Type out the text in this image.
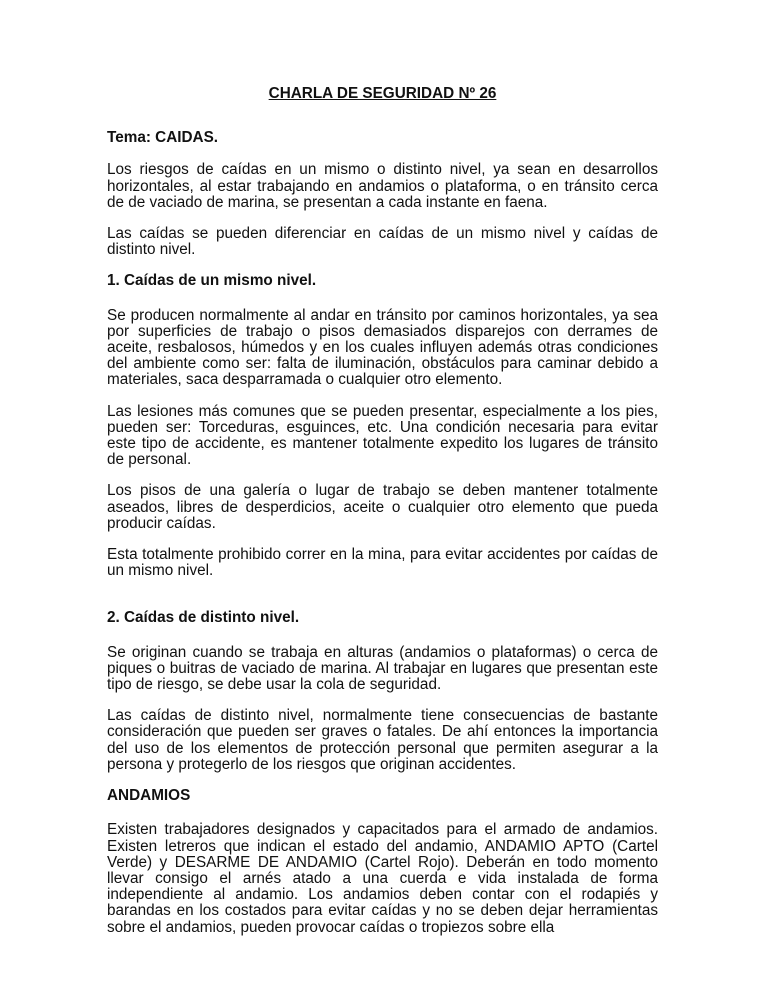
CHARLA DE SEGURIDAD Nº 26
Tema: CAIDAS.

Los riesgos de caídas en un mismo o distinto nivel, ya sean en desarrollos horizontales, al estar trabajando en andamios o plataforma, o en tránsito cerca de de vaciado de marina, se presentan a cada instante en faena.

Las caídas se pueden diferenciar en caídas de un mismo nivel y caídas de distinto nivel.

1. Caídas de un mismo nivel.

Se producen normalmente al andar en tránsito por caminos horizontales, ya sea por superficies de trabajo o pisos demasiados disparejos con derrames de aceite, resbalosos, húmedos y en los cuales influyen además otras condiciones del ambiente como ser: falta de iluminación, obstáculos para caminar debido a materiales, saca desparramada o cualquier otro elemento.

Las lesiones más comunes que se pueden presentar, especialmente a los pies, pueden ser: Torceduras, esguinces, etc. Una condición necesaria para evitar este tipo de accidente, es mantener totalmente expedito los lugares de tránsito de personal.

Los pisos de una galería o lugar de trabajo se deben mantener totalmente aseados, libres de desperdicios, aceite o cualquier otro elemento que pueda producir caídas.

Esta totalmente prohibido correr en la mina, para evitar accidentes por caídas de un mismo nivel.

2. Caídas de distinto nivel.

Se originan cuando se trabaja en alturas (andamios o plataformas) o cerca de piques o buitras de vaciado de marina. Al trabajar en lugares que presentan este tipo de riesgo, se debe usar la cola de seguridad.

Las caídas de distinto nivel, normalmente tiene consecuencias de bastante consideración que pueden ser graves o fatales. De ahí entonces la importancia del uso de los elementos de protección personal que permiten asegurar a la persona y protegerlo de los riesgos que originan accidentes.

ANDAMIOS

Existen trabajadores designados y capacitados para el armado de andamios. Existen letreros que indican el estado del andamio, ANDAMIO APTO (Cartel Verde) y DESARME DE ANDAMIO (Cartel Rojo). Deberán en todo momento llevar consigo el arnés atado a una cuerda e vida instalada de forma independiente al andamio. Los andamios deben contar con el rodapiés y barandas en los costados para evitar caídas y no se deben dejar herramientas sobre el andamios, pueden provocar caídas o tropiezos sobre ella
